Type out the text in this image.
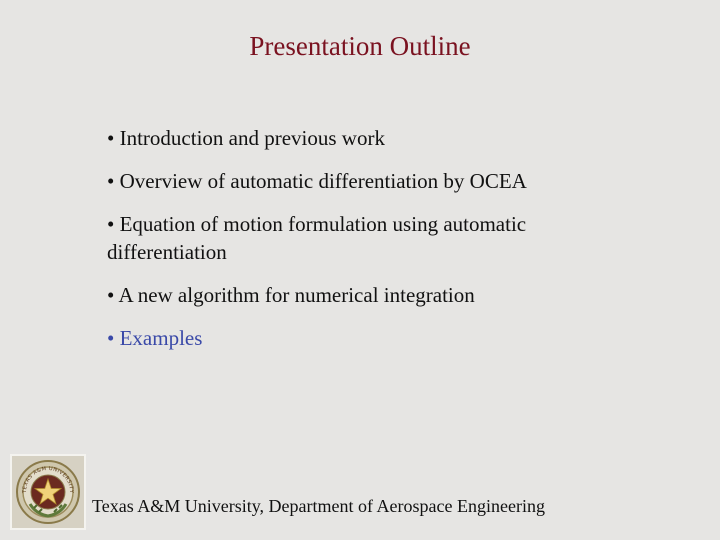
Presentation Outline
• Introduction and previous work
• Overview of automatic differentiation by OCEA
• Equation of motion formulation using automatic differentiation
• A new algorithm for numerical integration
• Examples
TEXAS A&M UNIVERSITY
Texas A&M University, Department of Aerospace Engineering
